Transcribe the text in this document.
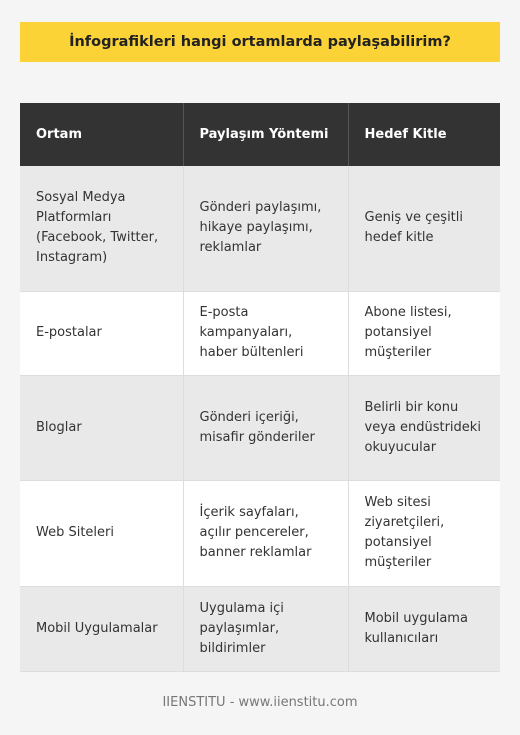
İnfografikleri hangi ortamlarda paylaşabilirim?
Ortam	Paylaşım Yöntemi	Hedef Kitle
Sosyal Medya Platformları (Facebook, Twitter, Instagram)	Gönderi paylaşımı, hikaye paylaşımı, reklamlar	Geniş ve çeşitli hedef kitle
E-postalar	E-posta kampanyaları, haber bültenleri	Abone listesi, potansiyel müşteriler
Bloglar	Gönderi içeriği, misafir gönderiler	Belirli bir konu veya endüstrideki okuyucular
Web Siteleri	İçerik sayfaları, açılır pencereler, banner reklamlar	Web sitesi ziyaretçileri, potansiyel müşteriler
Mobil Uygulamalar	Uygulama içi paylaşımlar, bildirimler	Mobil uygulama kullanıcıları
IIENSTITU - www.iienstitu.com
